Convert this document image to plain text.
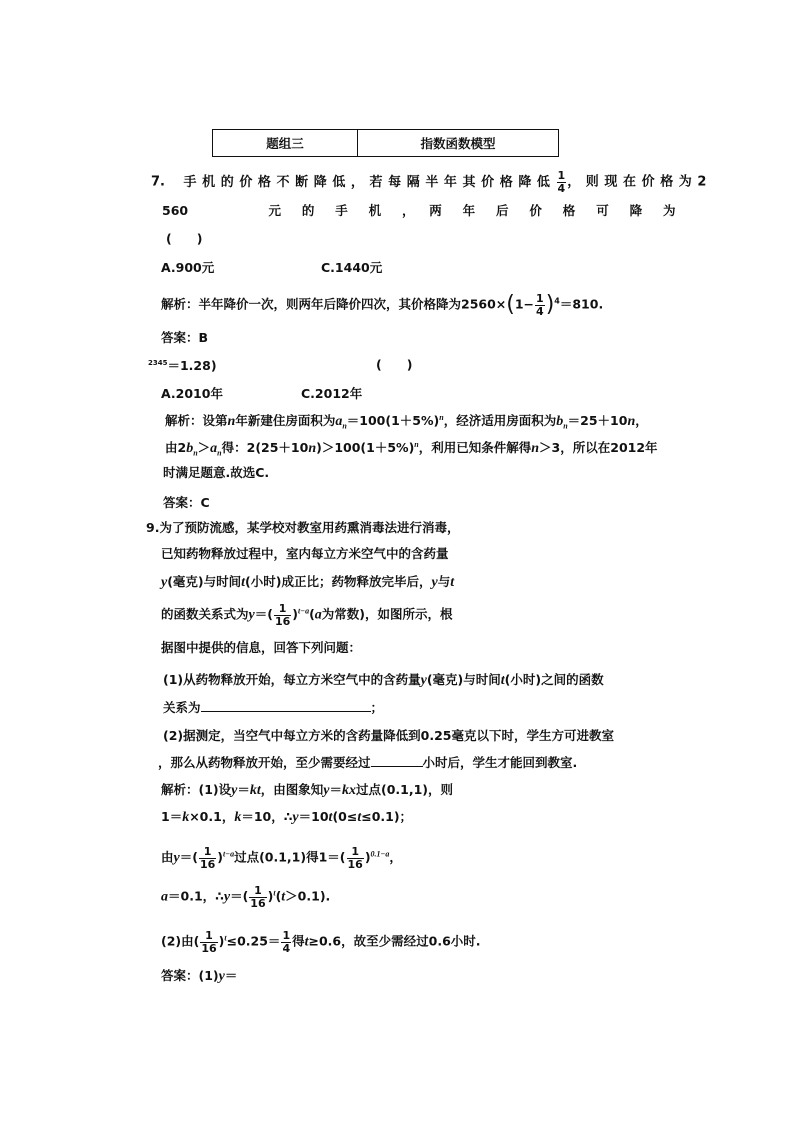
题组三	指数函数模型
7. 手机的价格不断降低，若每隔半年其价格降低 $\frac{1}{4}$ ，则现在价格为2
560	元　的　手　机　，　两　年　后　价　格　可　降　为
(　　)
A.900元	C.1440元
解析：半年降价一次，则两年后降价四次，其价格降为$2560\times(1- \frac{1}{4} )^4=810$.
答案：B
$^{2345}$＝1.28)	(　　)
A.2010年	C.2012年
解析：设第n年新建住房面积为$a_n=100(1+5\%)^n$，经济适用房面积为$b_n=25+10n$，
由$2b_n>a_n$得：$2(25+10n)>100(1+5\%)^n$，利用已知条件解得n＞3，所以在2012年
时满足题意.故选C.
答案：C
9.为了预防流感，某学校对教室用药熏消毒法进行消毒，
已知药物释放过程中，室内每立方米空气中的含药量
y(毫克)与时间t(小时)成正比；药物释放完毕后，y与t
的函数关系式为$y=( \frac{1}{16} )^{t-a}(a$为常数)，如图所示，根
据图中提供的信息，回答下列问题：
(1)从药物释放开始，每立方米空气中的含药量y(毫克)与时间t(小时)之间的函数
关系为	；
(2)据测定，当空气中每立方米的含药量降低到0.25毫克以下时，学生方可进教室
，那么从药物释放开始，至少需要经过	小时后，学生才能回到教室.
解析：(1)设y＝kt，由图象知y＝kx过点(0.1,1)，则
1＝k×0.1，k＝10，∴y＝10t(0≤t≤0.1)；
由$y=( \frac{1}{16} )^{t-a}$过点(0.1,1)得$1=( \frac{1}{16} )^{0.1-a}$，
a＝0.1，∴y＝( $\frac{1}{16} )^t(t>0.1)$.
(2)由( $\frac{1}{16} )^t\le 0.25= \frac{1}{4}$ 得t≥0.6，故至少需经过0.6小时.
答案：(1)y＝
